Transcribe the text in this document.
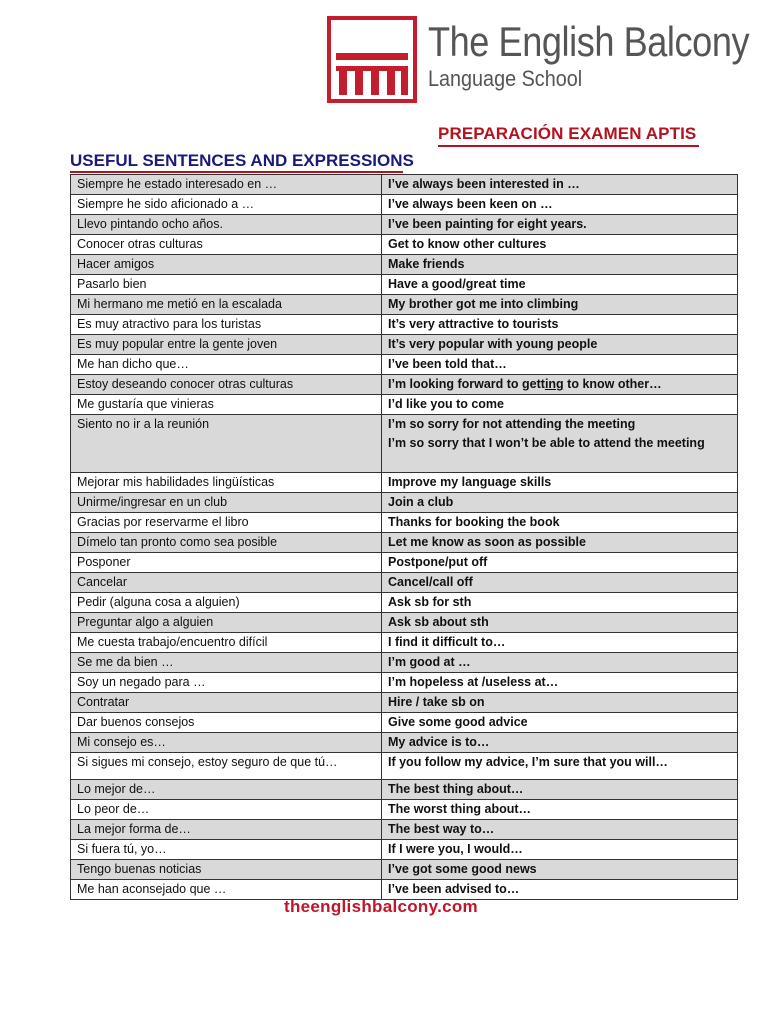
The English Balcony
Language School
PREPARACIÓN EXAMEN APTIS
USEFUL SENTENCES AND EXPRESSIONS
Siempre he estado interesado en …	I’ve always been interested in …
Siempre he sido aficionado a …	I’ve always been keen on …
Llevo pintando ocho años.	I’ve been painting for eight years.
Conocer otras culturas	Get to know other cultures
Hacer amigos	Make friends
Pasarlo bien	Have a good/great time
Mi hermano me metió en la escalada	My brother got me into climbing
Es muy atractivo para los turistas	It’s very attractive to tourists
Es muy popular entre la gente joven	It’s very popular with young people
Me han dicho que…	I’ve been told that…
Estoy deseando conocer otras culturas	I’m looking forward to getting to know other…
Me gustaría que vinieras	I’d like you to come
Siento no ir a la reunión	I’m so sorry for not attending the meeting
I’m so sorry that I won’t be able to attend the meeting

Mejorar mis habilidades lingüísticas	Improve my language skills
Unirme/ingresar en un club	Join a club
Gracias por reservarme el libro	Thanks for booking the book
Dímelo tan pronto como sea posible	Let me know as soon as possible
Posponer	Postpone/put off
Cancelar	Cancel/call off
Pedir (alguna cosa a alguien)	Ask sb for sth
Preguntar algo a alguien	Ask sb about sth
Me cuesta trabajo/encuentro difícil	I find it difficult to…
Se me da bien …	I’m good at …
Soy un negado para …	I’m hopeless at /useless at…
Contratar	Hire / take sb on
Dar buenos consejos	Give some good advice
Mi consejo es…	My advice is to…
Si sigues mi consejo, estoy seguro de que tú…	If you follow my advice, I’m sure that you will…
Lo mejor de…	The best thing about…
Lo peor de…	The worst thing about…
La mejor forma de…	The best way to…
Si fuera tú, yo…	If I were you, I would…
Tengo buenas noticias	I’ve got some good news
Me han aconsejado que …	I’ve been advised to…
theenglishbalcony.com
